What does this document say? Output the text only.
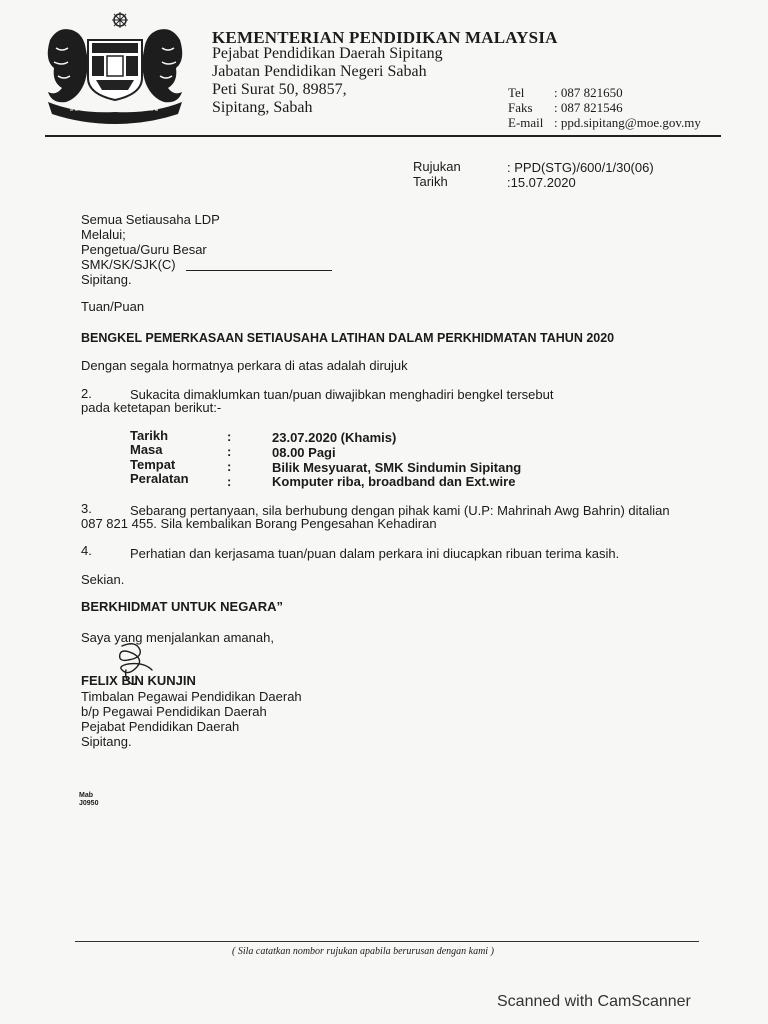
KEMENTERIAN PENDIDIKAN MALAYSIA
Pejabat Pendidikan Daerah Sipitang
Jabatan Pendidikan Negeri Sabah
Peti Surat 50, 89857,
Sipitang, Sabah
Tel : 087 821650
Faks : 087 821546
E-mail : ppd.sipitang@moe.gov.my
Rujukan	: PPD(STG)/600/1/30(06)
Tarikh	:15.07.2020
Semua Setiausaha LDP
Melalui;
Pengetua/Guru Besar
SMK/SK/SJK(C)
Sipitang.
Tuan/Puan
BENGKEL PEMERKASAAN SETIAUSAHA LATIHAN DALAM PERKHIDMATAN TAHUN 2020
Dengan segala hormatnya perkara di atas adalah dirujuk
2.	Sukacita dimaklumkan tuan/puan diwajibkan menghadiri bengkel tersebut
pada ketetapan berikut:-
Tarikh	:	23.07.2020 (Khamis)
Masa	:	08.00 Pagi
Tempat	:	Bilik Mesyuarat, SMK Sindumin Sipitang
Peralatan	:	Komputer riba, broadband dan Ext.wire
3.	Sebarang pertanyaan, sila berhubung dengan pihak kami (U.P: Mahrinah Awg Bahrin) ditalian
087 821 455. Sila kembalikan Borang Pengesahan Kehadiran
4.	Perhatian dan kerjasama tuan/puan dalam perkara ini diucapkan ribuan terima kasih.
Sekian.
BERKHIDMAT UNTUK NEGARA”
Saya yang menjalankan amanah,
FELIX BIN KUNJIN
Timbalan Pegawai Pendidikan Daerah
b/p Pegawai Pendidikan Daerah
Pejabat Pendidikan Daerah
Sipitang.
Mab
J0950
( Sila catatkan nombor rujukan apabila berurusan dengan kami )
Scanned with CamScanner
